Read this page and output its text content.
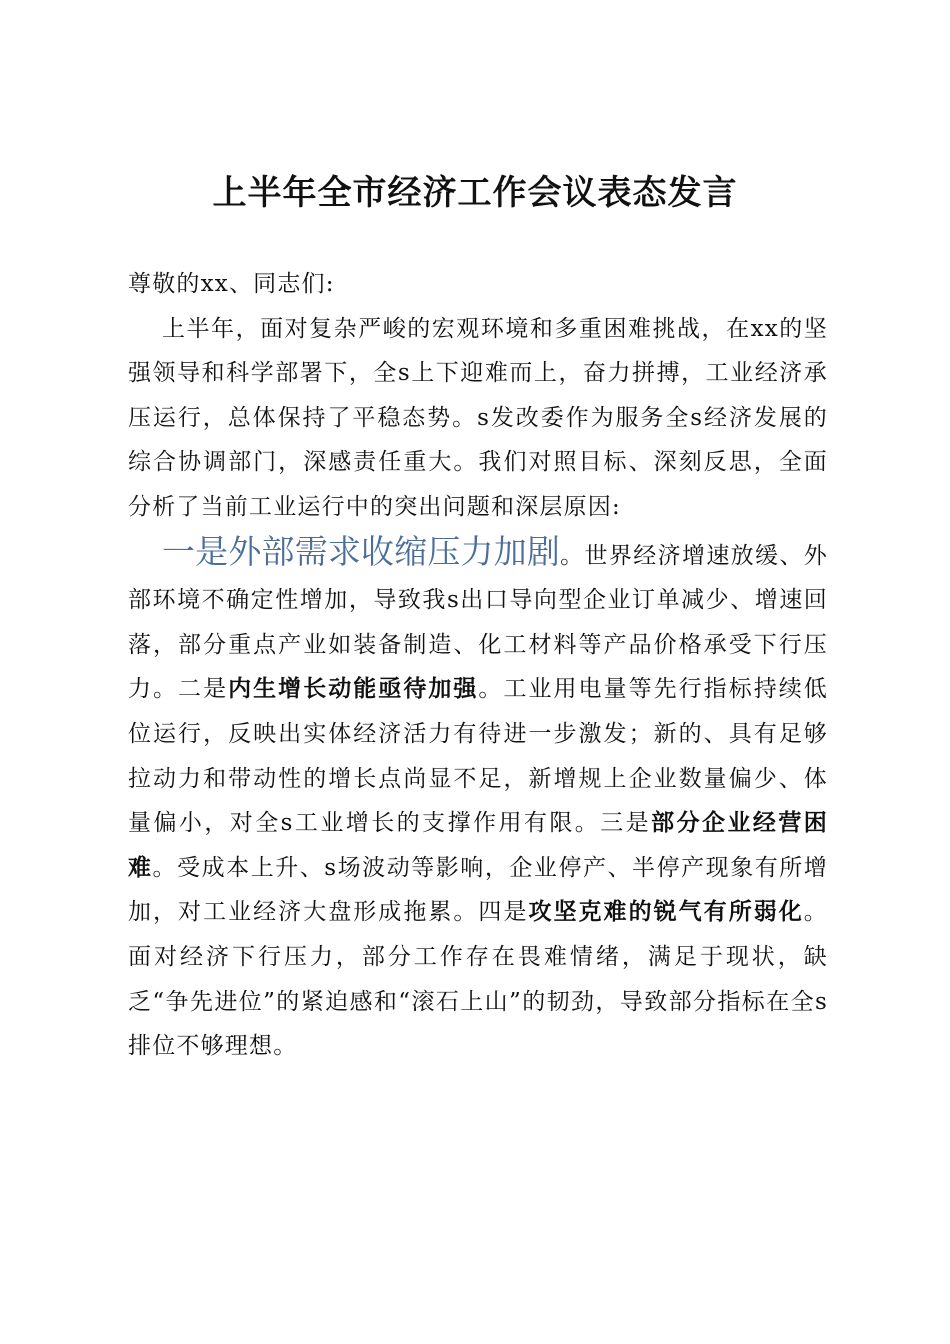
上半年全市经济工作会议表态发言

尊敬的xx、同志们:

上半年，面对复杂严峻的宏观环境和多重困难挑战，在xx的坚强领导和科学部署下，全s上下迎难而上，奋力拼搏，工业经济承压运行，总体保持了平稳态势。s发改委作为服务全s经济发展的综合协调部门，深感责任重大。我们对照目标、深刻反思，全面分析了当前工业运行中的突出问题和深层原因:

一是外部需求收缩压力加剧。世界经济增速放缓、外部环境不确定性增加，导致我s出口导向型企业订单减少、增速回落，部分重点产业如装备制造、化工材料等产品价格承受下行压力。二是内生增长动能亟待加强。工业用电量等先行指标持续低位运行，反映出实体经济活力有待进一步激发；新的、具有足够拉动力和带动性的增长点尚显不足，新增规上企业数量偏少、体量偏小，对全s工业增长的支撑作用有限。三是部分企业经营困难。受成本上升、s场波动等影响，企业停产、半停产现象有所增加，对工业经济大盘形成拖累。四是攻坚克难的锐气有所弱化。面对经济下行压力，部分工作存在畏难情绪，满足于现状，缺乏“争先进位”的紧迫感和“滚石上山”的韧劲，导致部分指标在全s排位不够理想。
